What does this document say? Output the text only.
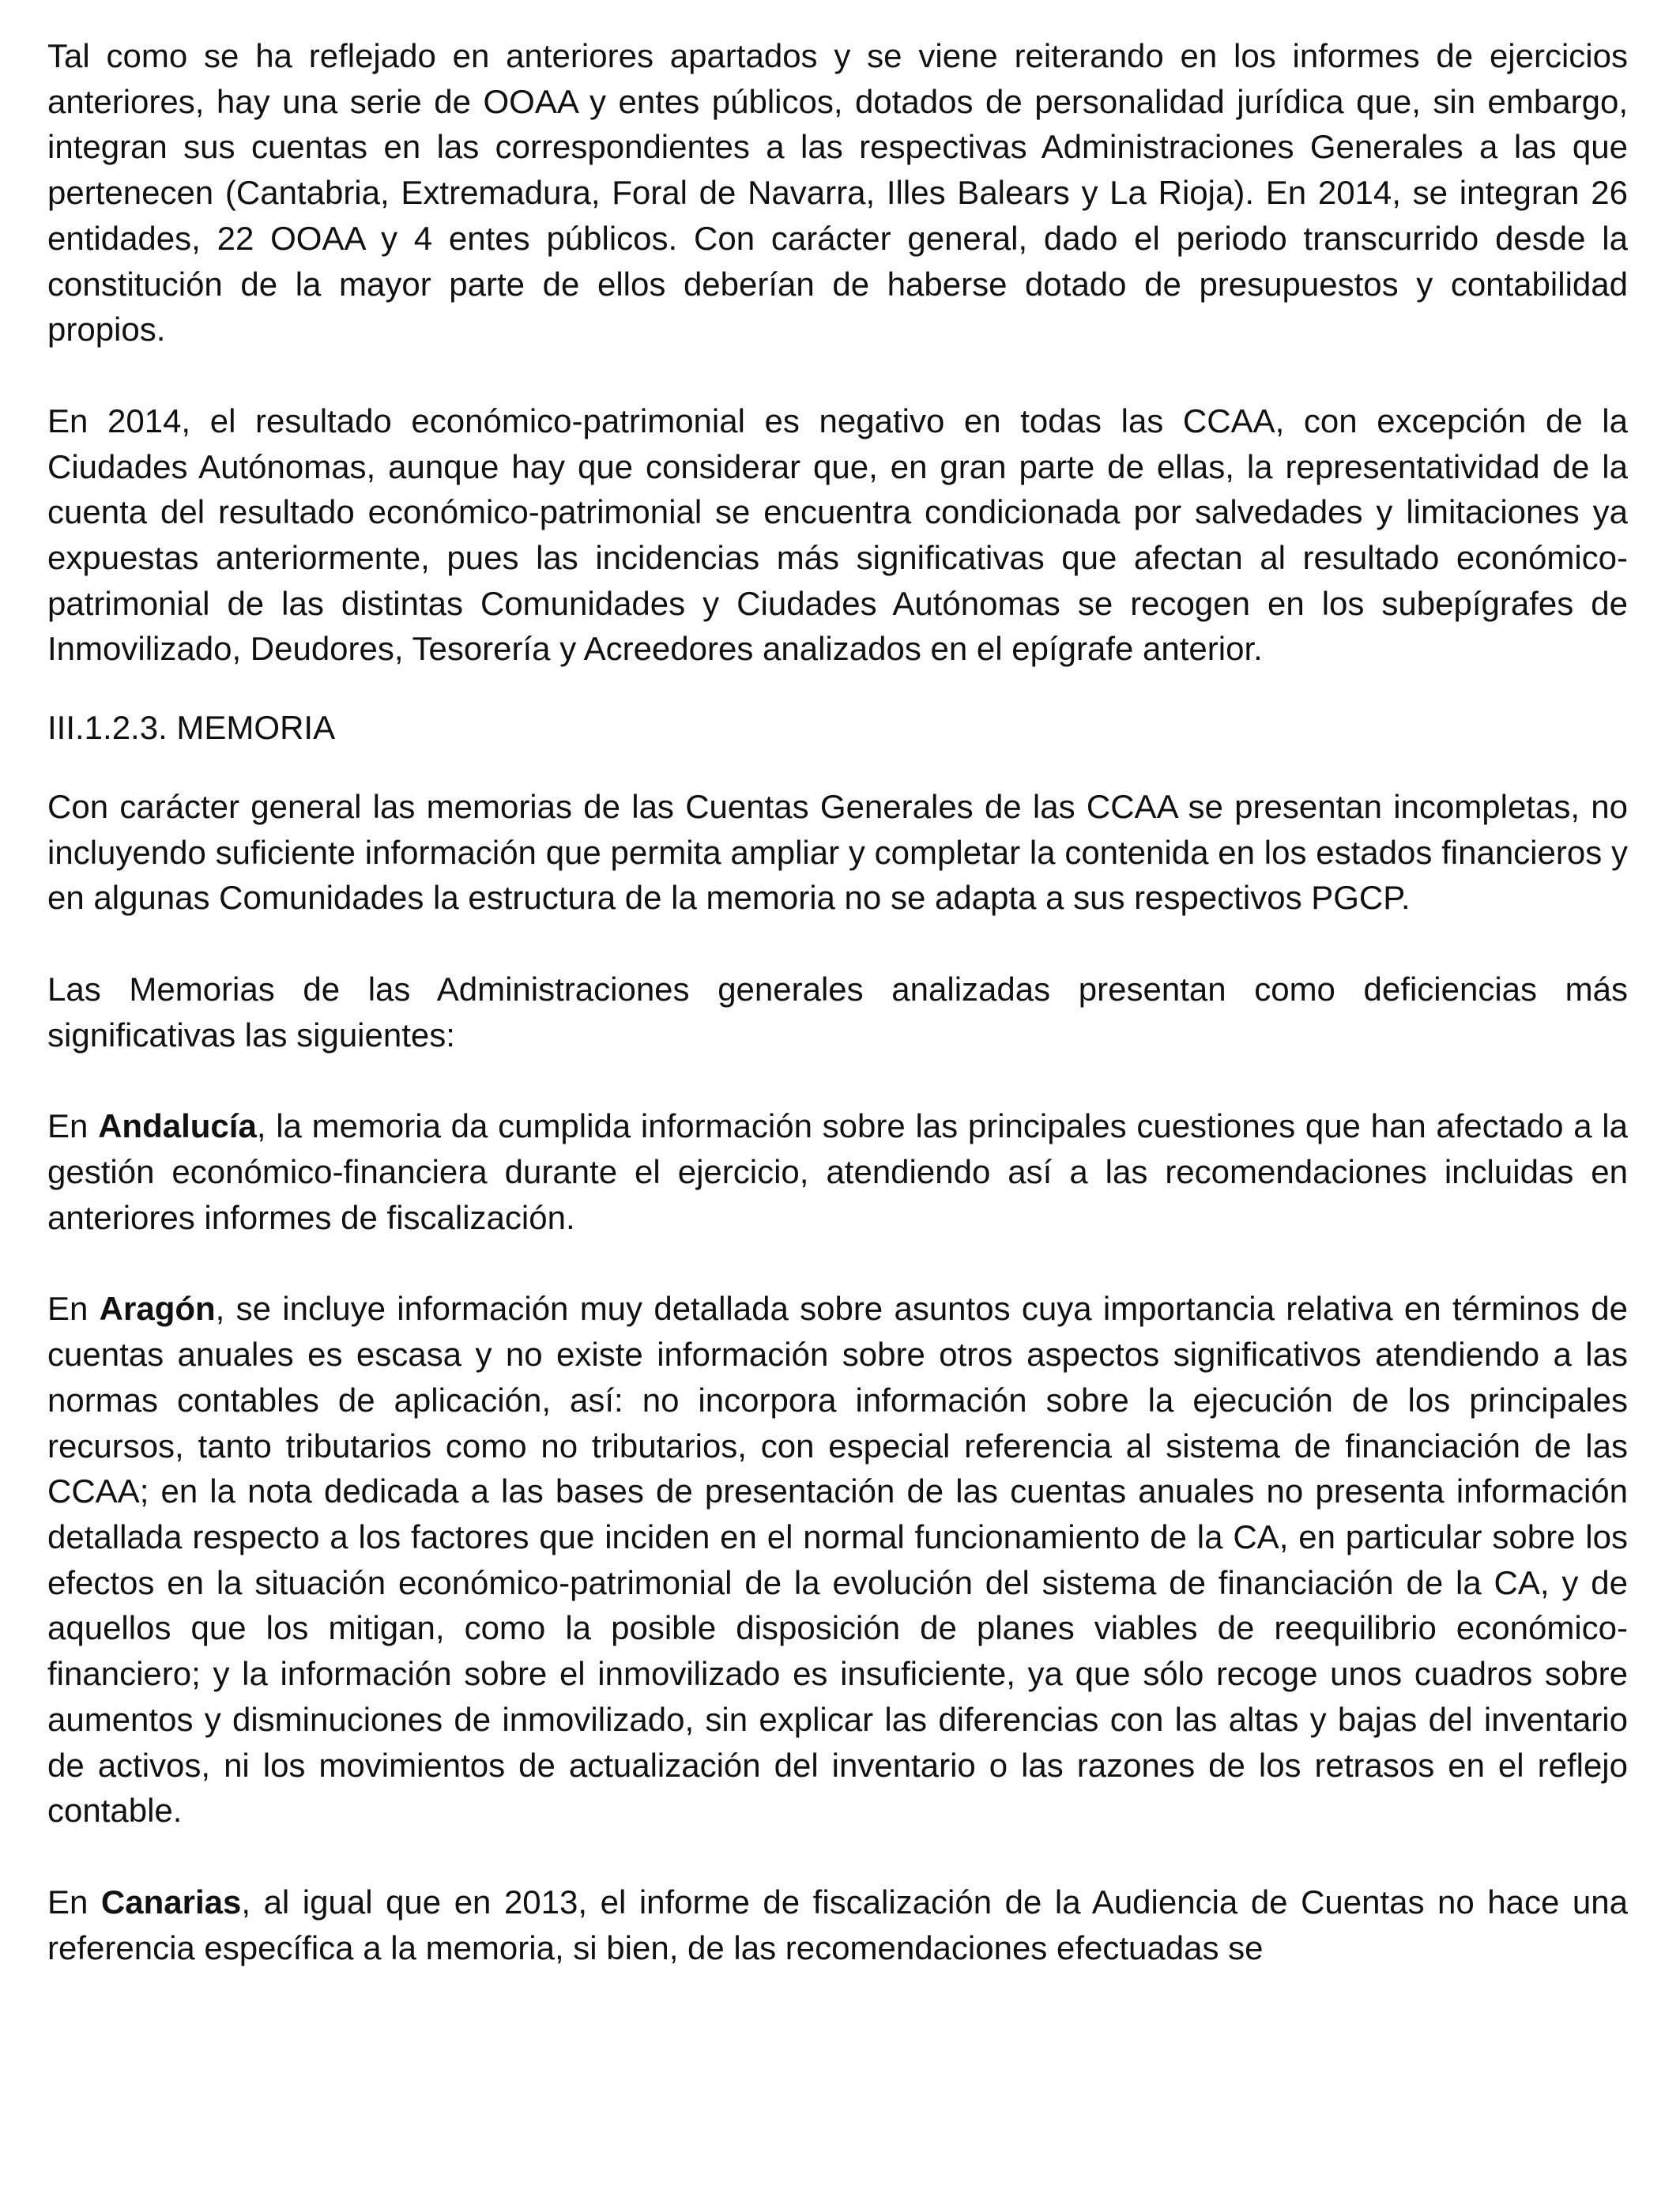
Tal como se ha reflejado en anteriores apartados y se viene reiterando en los informes de ejercicios anteriores, hay una serie de OOAA y entes públicos, dotados de personalidad jurídica que, sin embargo, integran sus cuentas en las correspondientes a las respectivas Administraciones Generales a las que pertenecen (Cantabria, Extremadura, Foral de Navarra, Illes Balears y La Rioja). En 2014, se integran 26 entidades, 22 OOAA y 4 entes públicos. Con carácter general, dado el periodo transcurrido desde la constitución de la mayor parte de ellos deberían de haberse dotado de presupuestos y contabilidad propios.

En 2014, el resultado económico-patrimonial es negativo en todas las CCAA, con excepción de la Ciudades Autónomas, aunque hay que considerar que, en gran parte de ellas, la representatividad de la cuenta del resultado económico-patrimonial se encuentra condicionada por salvedades y limitaciones ya expuestas anteriormente, pues las incidencias más significativas que afectan al resultado económico-patrimonial de las distintas Comunidades y Ciudades Autónomas se recogen en los subepígrafes de Inmovilizado, Deudores, Tesorería y Acreedores analizados en el epígrafe anterior.

III.1.2.3. MEMORIA

Con carácter general las memorias de las Cuentas Generales de las CCAA se presentan incompletas, no incluyendo suficiente información que permita ampliar y completar la contenida en los estados financieros y en algunas Comunidades la estructura de la memoria no se adapta a sus respectivos PGCP.

Las Memorias de las Administraciones generales analizadas presentan como deficiencias más significativas las siguientes:

En Andalucía, la memoria da cumplida información sobre las principales cuestiones que han afectado a la gestión económico-financiera durante el ejercicio, atendiendo así a las recomendaciones incluidas en anteriores informes de fiscalización.

En Aragón, se incluye información muy detallada sobre asuntos cuya importancia relativa en términos de cuentas anuales es escasa y no existe información sobre otros aspectos significativos atendiendo a las normas contables de aplicación, así: no incorpora información sobre la ejecución de los principales recursos, tanto tributarios como no tributarios, con especial referencia al sistema de financiación de las CCAA; en la nota dedicada a las bases de presentación de las cuentas anuales no presenta información detallada respecto a los factores que inciden en el normal funcionamiento de la CA, en particular sobre los efectos en la situación económico-patrimonial de la evolución del sistema de financiación de la CA, y de aquellos que los mitigan, como la posible disposición de planes viables de reequilibrio económico-financiero; y la información sobre el inmovilizado es insuficiente, ya que sólo recoge unos cuadros sobre aumentos y disminuciones de inmovilizado, sin explicar las diferencias con las altas y bajas del inventario de activos, ni los movimientos de actualización del inventario o las razones de los retrasos en el reflejo contable.

En Canarias, al igual que en 2013, el informe de fiscalización de la Audiencia de Cuentas no hace una referencia específica a la memoria, si bien, de las recomendaciones efectuadas se
